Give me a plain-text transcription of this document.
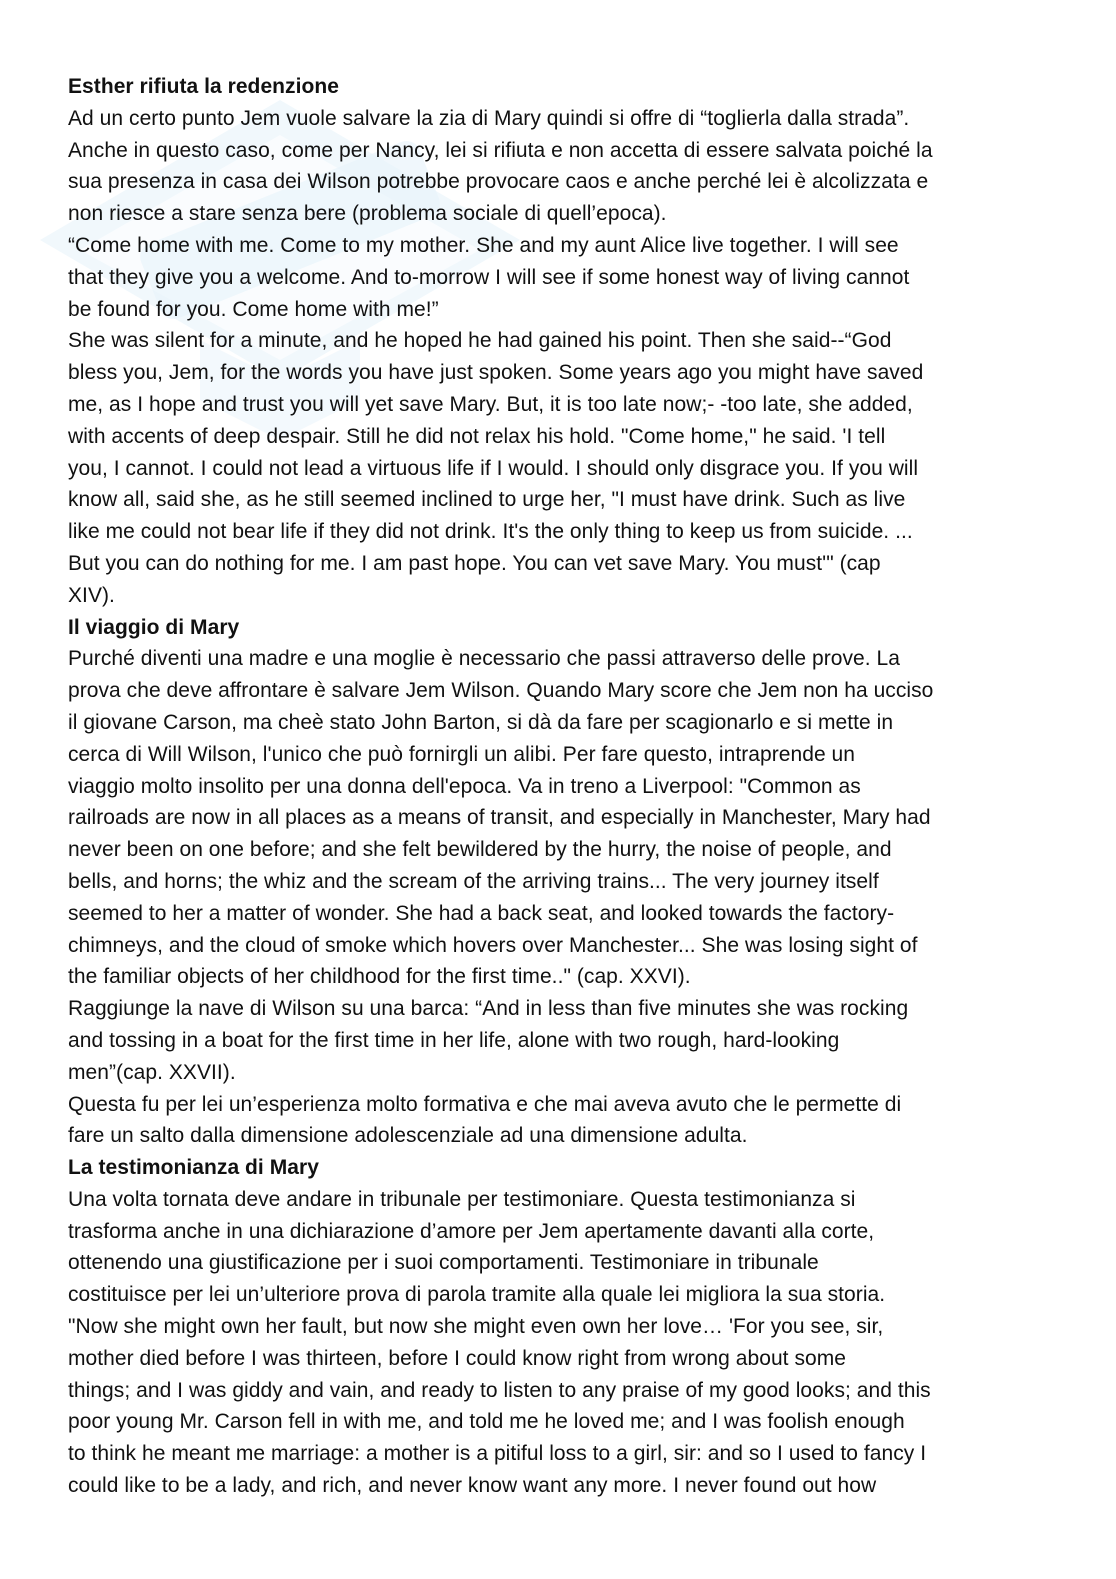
Esther rifiuta la redenzione
Ad un certo punto Jem vuole salvare la zia di Mary quindi si offre di “toglierla dalla strada”.
Anche in questo caso, come per Nancy, lei si rifiuta e non accetta di essere salvata poiché la
sua presenza in casa dei Wilson potrebbe provocare caos e anche perché lei è alcolizzata e
non riesce a stare senza bere (problema sociale di quell’epoca).
“Come home with me. Come to my mother. She and my aunt Alice live together. I will see
that they give you a welcome. And to-morrow I will see if some honest way of living cannot
be found for you. Come home with me!”
She was silent for a minute, and he hoped he had gained his point. Then she said--“God
bless you, Jem, for the words you have just spoken. Some years ago you might have saved
me, as I hope and trust you will yet save Mary. But, it is too late now;- -too late, she added,
with accents of deep despair. Still he did not relax his hold. "Come home," he said. 'I tell
you, I cannot. I could not lead a virtuous life if I would. I should only disgrace you. If you will
know all, said she, as he still seemed inclined to urge her, "I must have drink. Such as live
like me could not bear life if they did not drink. It's the only thing to keep us from suicide. ...
But you can do nothing for me. I am past hope. You can vet save Mary. You must'" (cap
XIV).
Il viaggio di Mary
Purché diventi una madre e una moglie è necessario che passi attraverso delle prove. La
prova che deve affrontare è salvare Jem Wilson. Quando Mary score che Jem non ha ucciso
il giovane Carson, ma cheè stato John Barton, si dà da fare per scagionarlo e si mette in
cerca di Will Wilson, l'unico che può fornirgli un alibi. Per fare questo, intraprende un
viaggio molto insolito per una donna dell'epoca. Va in treno a Liverpool: "Common as
railroads are now in all places as a means of transit, and especially in Manchester, Mary had
never been on one before; and she felt bewildered by the hurry, the noise of people, and
bells, and horns; the whiz and the scream of the arriving trains... The very journey itself
seemed to her a matter of wonder. She had a back seat, and looked towards the factory-
chimneys, and the cloud of smoke which hovers over Manchester... She was losing sight of
the familiar objects of her childhood for the first time.." (cap. XXVI).
Raggiunge la nave di Wilson su una barca: “And in less than five minutes she was rocking
and tossing in a boat for the first time in her life, alone with two rough, hard-looking
men”(cap. XXVII).
Questa fu per lei un’esperienza molto formativa e che mai aveva avuto che le permette di
fare un salto dalla dimensione adolescenziale ad una dimensione adulta.
La testimonianza di Mary
Una volta tornata deve andare in tribunale per testimoniare. Questa testimonianza si
trasforma anche in una dichiarazione d’amore per Jem apertamente davanti alla corte,
ottenendo una giustificazione per i suoi comportamenti. Testimoniare in tribunale
costituisce per lei un’ulteriore prova di parola tramite alla quale lei migliora la sua storia.
"Now she might own her fault, but now she might even own her love… 'For you see, sir,
mother died before I was thirteen, before I could know right from wrong about some
things; and I was giddy and vain, and ready to listen to any praise of my good looks; and this
poor young Mr. Carson fell in with me, and told me he loved me; and I was foolish enough
to think he meant me marriage: a mother is a pitiful loss to a girl, sir: and so I used to fancy I
could like to be a lady, and rich, and never know want any more. I never found out how
